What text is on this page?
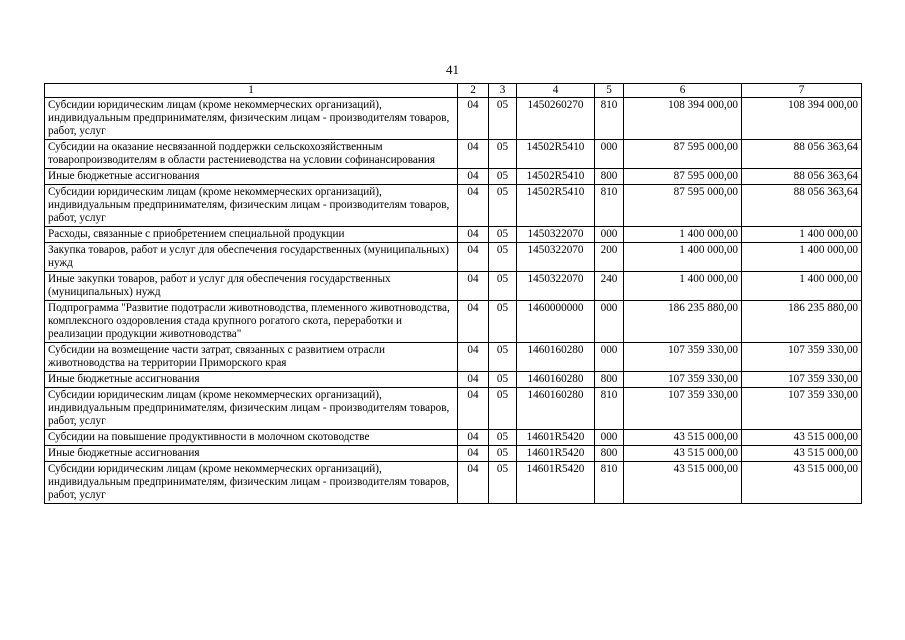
41
1	2	3	4	5	6	7
Субсидии юридическим лицам (кроме некоммерческих организаций), индивидуальным предпринимателям, физическим лицам - производителям товаров, работ, услуг	04	05	1450260270	810	108 394 000,00	108 394 000,00
Субсидии на оказание несвязанной поддержки сельскохозяйственным товаропроизводителям в области растениеводства на условии софинансирования	04	05	14502R5410	000	87 595 000,00	88 056 363,64
Иные бюджетные ассигнования	04	05	14502R5410	800	87 595 000,00	88 056 363,64
Субсидии юридическим лицам (кроме некоммерческих организаций), индивидуальным предпринимателям, физическим лицам - производителям товаров, работ, услуг	04	05	14502R5410	810	87 595 000,00	88 056 363,64
Расходы, связанные с приобретением специальной продукции	04	05	1450322070	000	1 400 000,00	1 400 000,00
Закупка товаров, работ и услуг для обеспечения государственных (муниципальных) нужд	04	05	1450322070	200	1 400 000,00	1 400 000,00
Иные закупки товаров, работ и услуг для обеспечения государственных (муниципальных) нужд	04	05	1450322070	240	1 400 000,00	1 400 000,00
Подпрограмма "Развитие подотрасли животноводства, племенного животноводства, комплексного оздоровления стада крупного рогатого скота, переработки и реализации продукции животноводства"	04	05	1460000000	000	186 235 880,00	186 235 880,00
Субсидии на возмещение части затрат, связанных с развитием отрасли животноводства на территории Приморского края	04	05	1460160280	000	107 359 330,00	107 359 330,00
Иные бюджетные ассигнования	04	05	1460160280	800	107 359 330,00	107 359 330,00
Субсидии юридическим лицам (кроме некоммерческих организаций), индивидуальным предпринимателям, физическим лицам - производителям товаров, работ, услуг	04	05	1460160280	810	107 359 330,00	107 359 330,00
Субсидии на повышение продуктивности в молочном скотоводстве	04	05	14601R5420	000	43 515 000,00	43 515 000,00
Иные бюджетные ассигнования	04	05	14601R5420	800	43 515 000,00	43 515 000,00
Субсидии юридическим лицам (кроме некоммерческих организаций), индивидуальным предпринимателям, физическим лицам - производителям товаров, работ, услуг	04	05	14601R5420	810	43 515 000,00	43 515 000,00
